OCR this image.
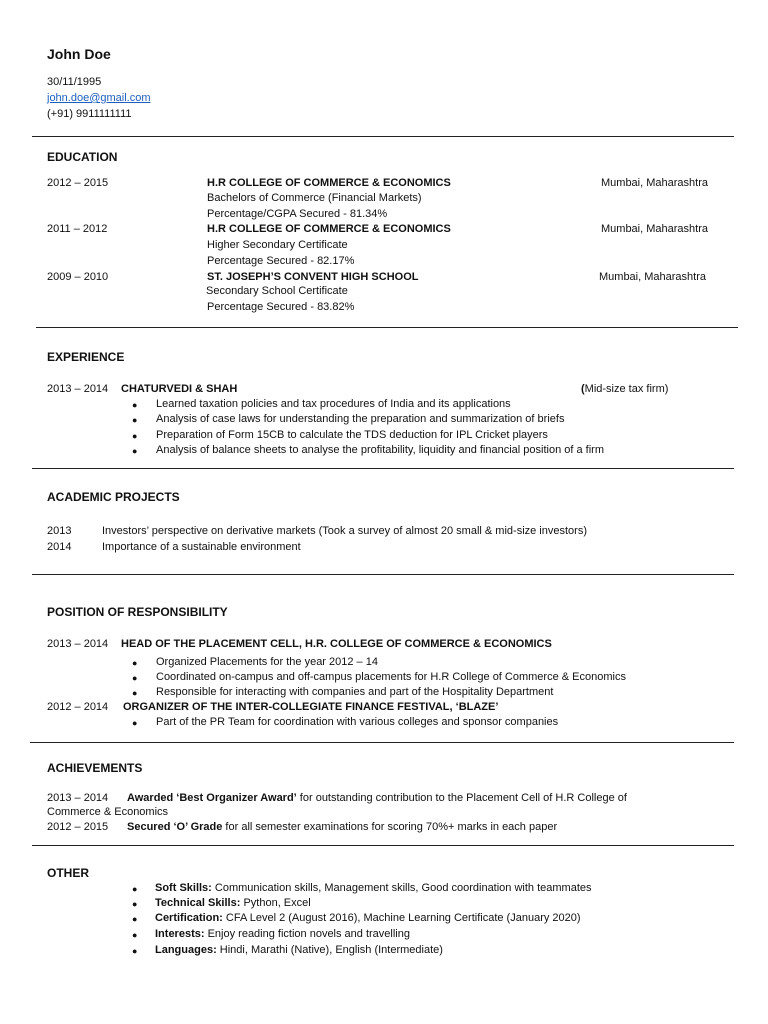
John Doe
30/11/1995
john.doe@gmail.com
(+91) 9911111111
EDUCATION
2012 – 2015	H.R COLLEGE OF COMMERCE & ECONOMICS	Mumbai, Maharashtra
Bachelors of Commerce (Financial Markets)
Percentage/CGPA Secured - 81.34%
2011 – 2012	H.R COLLEGE OF COMMERCE & ECONOMICS	Mumbai, Maharashtra
Higher Secondary Certificate
Percentage Secured - 82.17%
2009 – 2010	ST. JOSEPH’S CONVENT HIGH SCHOOL	Mumbai, Maharashtra
Secondary School Certificate
Percentage Secured - 83.82%
EXPERIENCE
2013 – 2014 CHATURVEDI & SHAH	(Mid-size tax firm)
● Learned taxation policies and tax procedures of India and its applications
● Analysis of case laws for understanding the preparation and summarization of briefs
● Preparation of Form 15CB to calculate the TDS deduction for IPL Cricket players
● Analysis of balance sheets to analyse the profitability, liquidity and financial position of a firm
ACADEMIC PROJECTS
2013	Investors’ perspective on derivative markets (Took a survey of almost 20 small & mid-size investors)
2014	Importance of a sustainable environment
POSITION OF RESPONSIBILITY
2013 – 2014 HEAD OF THE PLACEMENT CELL, H.R. COLLEGE OF COMMERCE & ECONOMICS
● Organized Placements for the year 2012 – 14
● Coordinated on-campus and off-campus placements for H.R College of Commerce & Economics
● Responsible for interacting with companies and part of the Hospitality Department
2012 – 2014 ORGANIZER OF THE INTER-COLLEGIATE FINANCE FESTIVAL, ‘BLAZE’
● Part of the PR Team for coordination with various colleges and sponsor companies
ACHIEVEMENTS
2013 – 2014 Awarded ‘Best Organizer Award’ for outstanding contribution to the Placement Cell of H.R College of
Commerce & Economics
2012 – 2015 Secured ‘O’ Grade for all semester examinations for scoring 70%+ marks in each paper
OTHER
● Soft Skills: Communication skills, Management skills, Good coordination with teammates
● Technical Skills: Python, Excel
● Certification: CFA Level 2 (August 2016), Machine Learning Certificate (January 2020)
● Interests: Enjoy reading fiction novels and travelling
● Languages: Hindi, Marathi (Native), English (Intermediate)
